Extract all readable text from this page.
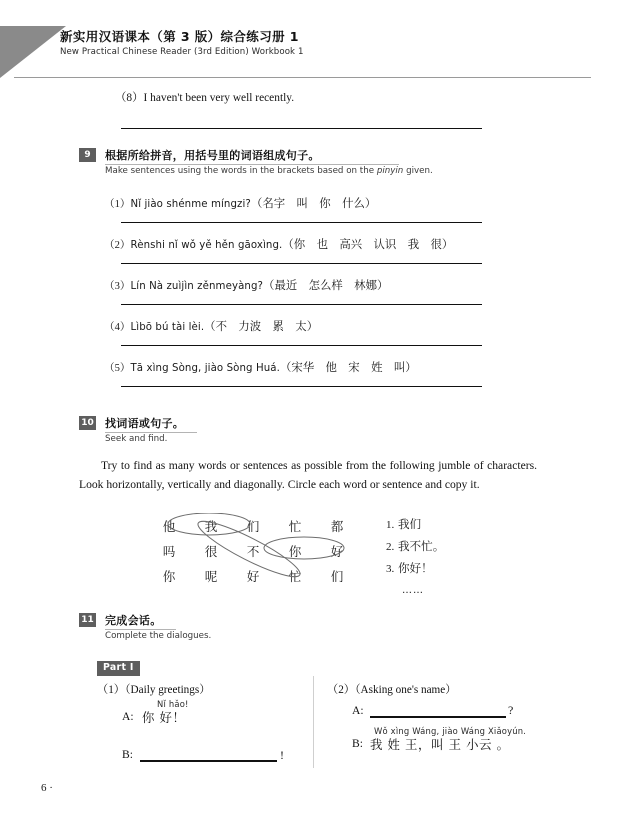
新实用汉语课本（第 3 版）综合练习册 1
New Practical Chinese Reader (3rd Edition) Workbook 1
（8）I haven't been very well recently.
9	根据所给拼音，用括号里的词语组成句子。
Make sentences using the words in the brackets based on the pinyin given.
（1）Nǐ jiào shénme míngzi?（名字　叫　你　什么）
（2）Rènshi nǐ wǒ yě hěn gāoxìng.（你　也　高兴　认识　我　很）
（3）Lín Nà zuìjìn zěnmeyàng?（最近　怎么样　林娜）
（4）Lìbō bú tài lèi.（不　力波　累　太）
（5）Tā xìng Sòng, jiào Sòng Huá.（宋华　他　宋　姓　叫）
10 找词语或句子。
Seek and find.
Try to find as many words or sentences as possible from the following jumble of characters. Look horizontally, vertically and diagonally. Circle each word or sentence and copy it.
他	我	们	忙	都
吗	很	不	你	好
你	呢	好	忙	们
1. 我们
2. 我不忙。
3. 你好！
……
11 完成会话。
Complete the dialogues.
Part I
（1）（Daily greetings）
Nǐ hǎo!
A: 你 好！
B:	!
（2）（Asking one's name）
A:	?
Wǒ xìng Wáng, jiào Wáng Xiǎoyún.
B: 我 姓 王，叫 王 小云 。
6 ·
